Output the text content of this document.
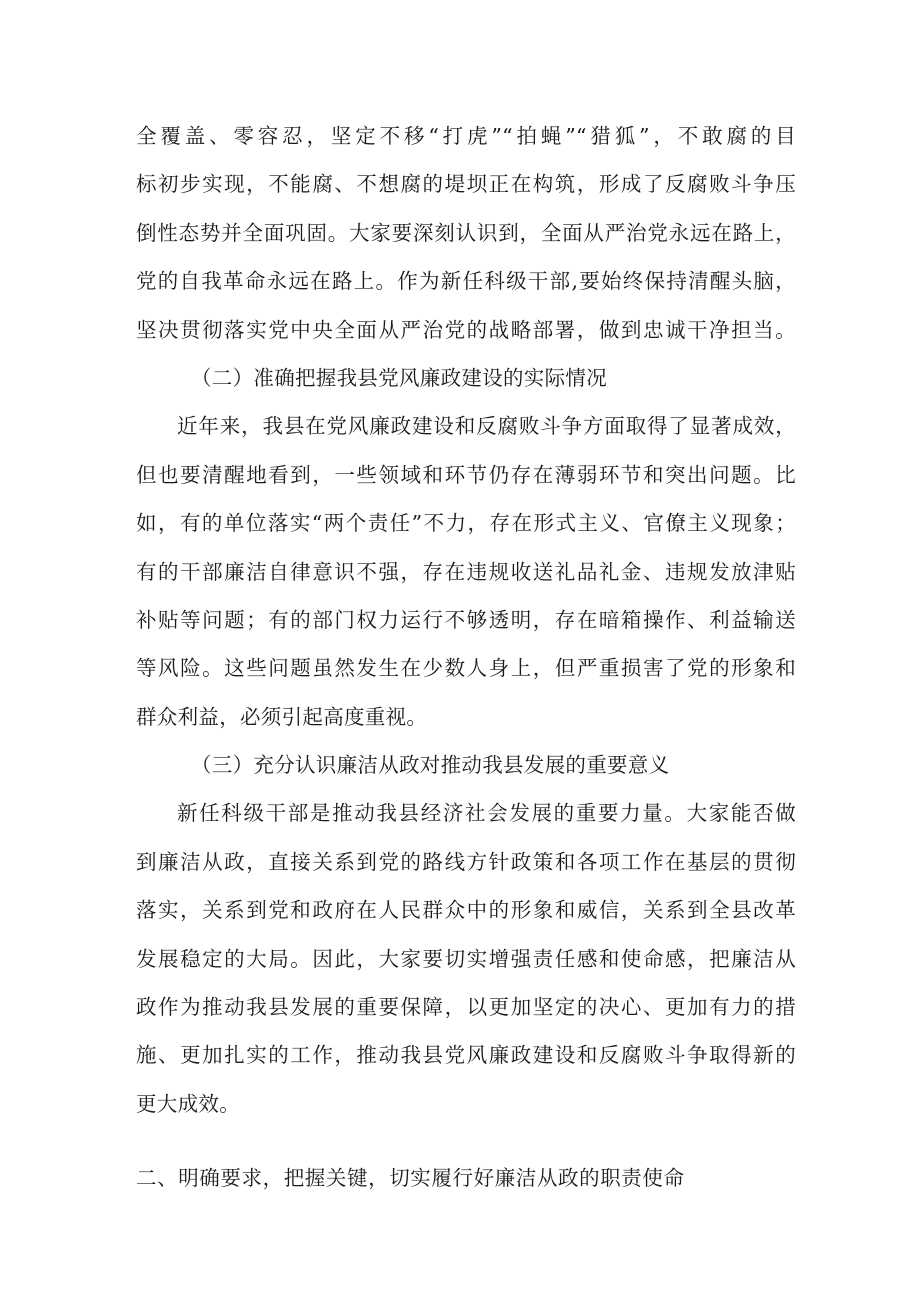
全覆盖、零容忍，坚定不移“打虎”“拍蝇”“猎狐”，不敢腐的目
标初步实现，不能腐、不想腐的堤坝正在构筑，形成了反腐败斗争压
倒性态势并全面巩固。大家要深刻认识到，全面从严治党永远在路上，
党的自我革命永远在路上。作为新任科级干部,要始终保持清醒头脑，
坚决贯彻落实党中央全面从严治党的战略部署，做到忠诚干净担当。
（二）准确把握我县党风廉政建设的实际情况
近年来，我县在党风廉政建设和反腐败斗争方面取得了显著成效，
但也要清醒地看到，一些领域和环节仍存在薄弱环节和突出问题。比
如，有的单位落实“两个责任”不力，存在形式主义、官僚主义现象；
有的干部廉洁自律意识不强，存在违规收送礼品礼金、违规发放津贴
补贴等问题；有的部门权力运行不够透明，存在暗箱操作、利益输送
等风险。这些问题虽然发生在少数人身上，但严重损害了党的形象和
群众利益，必须引起高度重视。
（三）充分认识廉洁从政对推动我县发展的重要意义
新任科级干部是推动我县经济社会发展的重要力量。大家能否做
到廉洁从政，直接关系到党的路线方针政策和各项工作在基层的贯彻
落实，关系到党和政府在人民群众中的形象和威信，关系到全县改革
发展稳定的大局。因此，大家要切实增强责任感和使命感，把廉洁从
政作为推动我县发展的重要保障，以更加坚定的决心、更加有力的措
施、更加扎实的工作，推动我县党风廉政建设和反腐败斗争取得新的
更大成效。
二、明确要求，把握关键，切实履行好廉洁从政的职责使命
